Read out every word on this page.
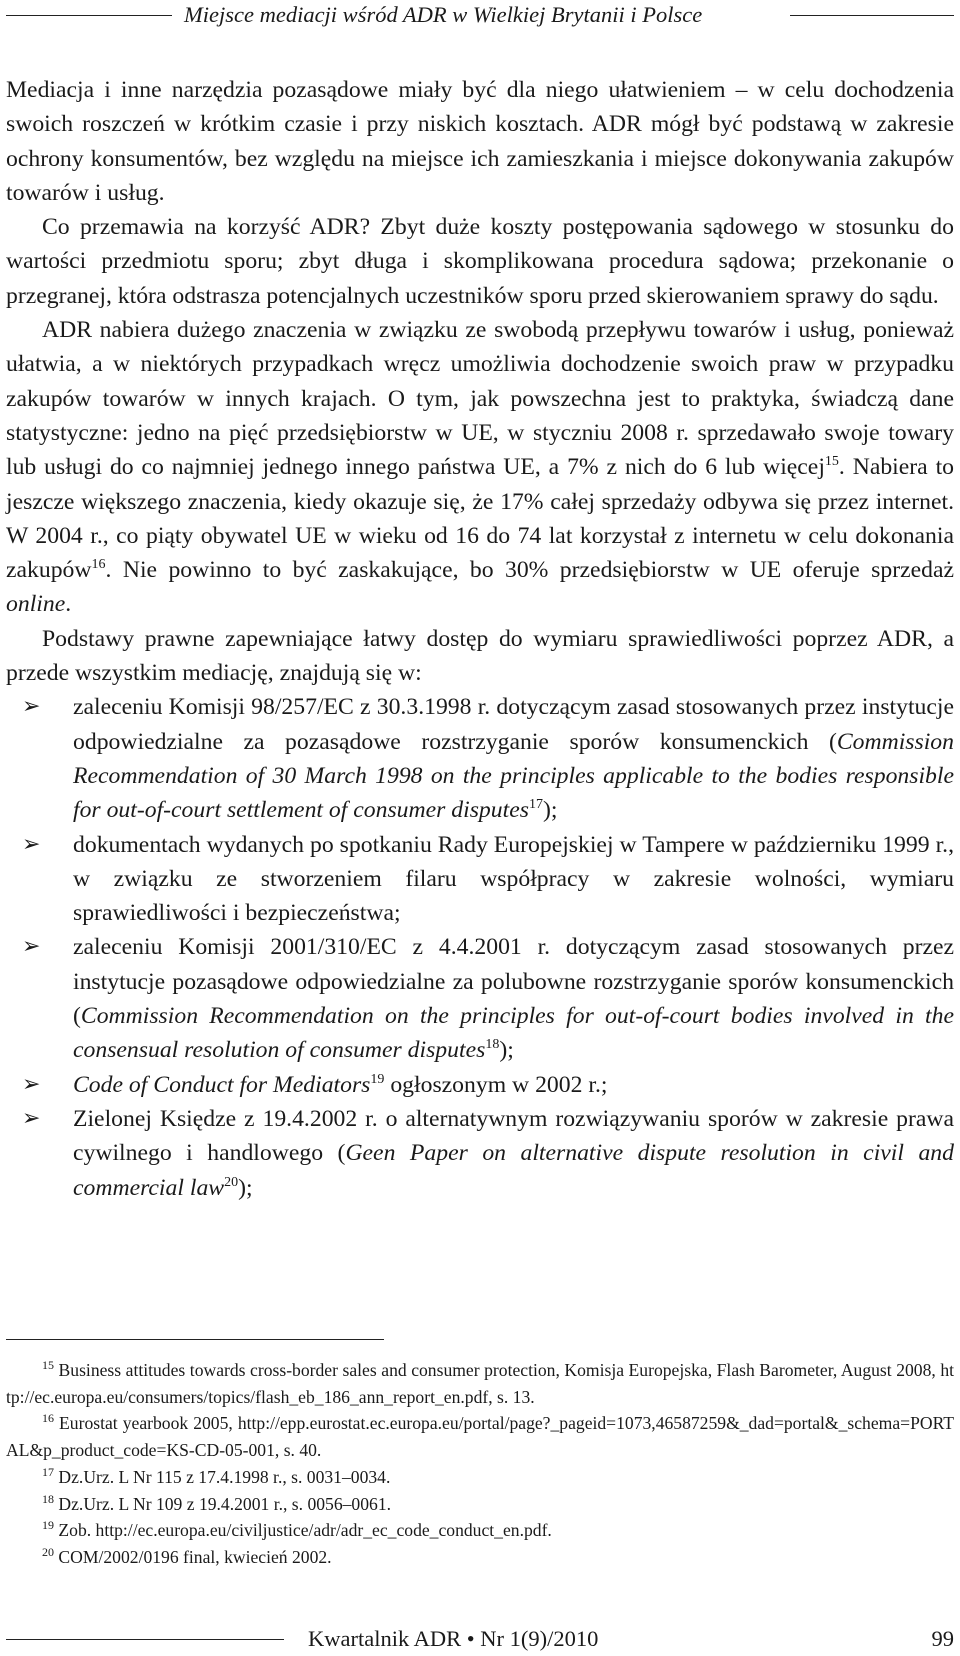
Miejsce mediacji wśród ADR w Wielkiej Brytanii i Polsce

Mediacja i inne narzędzia pozasądowe miały być dla niego ułatwieniem – w celu dochodzenia swoich roszczeń w krótkim czasie i przy niskich kosztach. ADR mógł być podstawą w zakresie ochrony konsumentów, bez względu na miejsce ich zamieszkania i miejsce dokonywania zakupów towarów i usług.

Co przemawia na korzyść ADR? Zbyt duże koszty postępowania sądowego w stosunku do wartości przedmiotu sporu; zbyt długa i skomplikowana procedura sądowa; przekonanie o przegranej, która odstrasza potencjalnych uczestników sporu przed skierowaniem sprawy do sądu.

ADR nabiera dużego znaczenia w związku ze swobodą przepływu towarów i usług, ponieważ ułatwia, a w niektórych przypadkach wręcz umożliwia dochodzenie swoich praw w przypadku zakupów towarów w innych krajach. O tym, jak powszechna jest to praktyka, świadczą dane statystyczne: jedno na pięć przedsiębiorstw w UE, w styczniu 2008 r. sprzedawało swoje towary lub usługi do co najmniej jednego innego państwa UE, a 7% z nich do 6 lub więcej$^{15}$. Nabiera to jeszcze większego znaczenia, kiedy okazuje się, że 17% całej sprzedaży odbywa się przez internet. W 2004 r., co piąty obywatel UE w wieku od 16 do 74 lat korzystał z internetu w celu dokonania zakupów$^{16}$. Nie powinno to być zaskakujące, bo 30% przedsiębiorstw w UE oferuje sprzedaż online.

Podstawy prawne zapewniające łatwy dostęp do wymiaru sprawiedliwości poprzez ADR, a przede wszystkim mediację, znajdują się w:

➢ zaleceniu Komisji 98/257/EC z 30.3.1998 r. dotyczącym zasad stosowanych przez instytucje odpowiedzialne za pozasądowe rozstrzyganie sporów konsumenckich (Commission Recommendation of 30 March 1998 on the principles applicable to the bodies responsible for out-of-court settlement of consumer disputes$^{17}$);
➢ dokumentach wydanych po spotkaniu Rady Europejskiej w Tampere w październiku 1999 r., w związku ze stworzeniem filaru współpracy w zakresie wolności, wymiaru sprawiedliwości i bezpieczeństwa;
➢ zaleceniu Komisji 2001/310/EC z 4.4.2001 r. dotyczącym zasad stosowanych przez instytucje pozasądowe odpowiedzialne za polubowne rozstrzyganie sporów konsumenckich (Commission Recommendation on the principles for out-of-court bodies involved in the consensual resolution of consumer disputes$^{18}$);
➢ Code of Conduct for Mediators$^{19}$ ogłoszonym w 2002 r.;
➢ Zielonej Księdze z 19.4.2002 r. o alternatywnym rozwiązywaniu sporów w zakresie prawa cywilnego i handlowego (Geen Paper on alternative dispute resolution in civil and commercial law$^{20}$);

$^{15}$ Business attitudes towards cross-border sales and consumer protection, Komisja Europejska, Flash Barometer, August 2008, http://ec.europa.eu/consumers/topics/flash_eb_186_ann_report_en.pdf, s. 13.

$^{16}$ Eurostat yearbook 2005, http://epp.eurostat.ec.europa.eu/portal/page?_pageid=1073,46587259&_dad=portal&_schema=PORTAL&p_product_code=KS-CD-05-001, s. 40.

$^{17}$ Dz.Urz. L Nr 115 z 17.4.1998 r., s. 0031–0034.

$^{18}$ Dz.Urz. L Nr 109 z 19.4.2001 r., s. 0056–0061.

$^{19}$ Zob. http://ec.europa.eu/civiljustice/adr/adr_ec_code_conduct_en.pdf.

$^{20}$ COM/2002/0196 final, kwiecień 2002.

Kwartalnik ADR • Nr 1(9)/2010	99
